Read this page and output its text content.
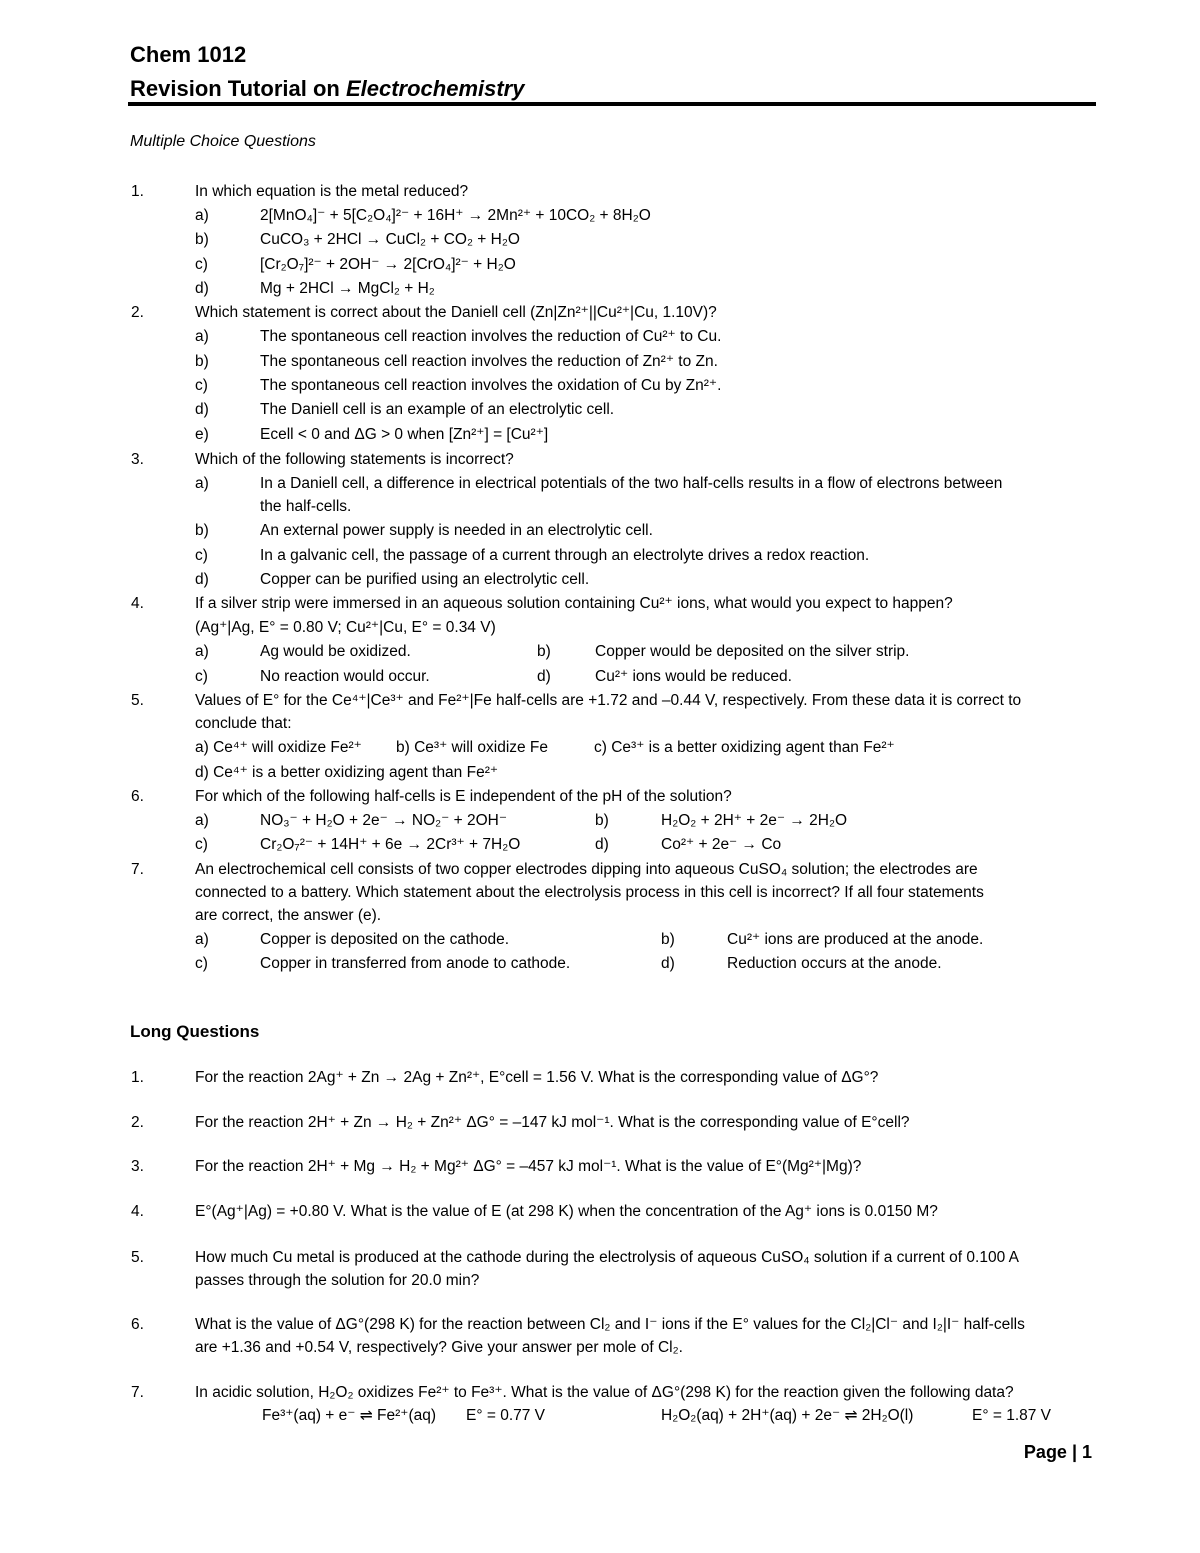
Chem 1012
Revision Tutorial on Electrochemistry
Multiple Choice Questions
1.	In which equation is the metal reduced?
a)	2[MnO₄]⁻ + 5[C₂O₄]²⁻ + 16H⁺ → 2Mn²⁺ + 10CO₂ + 8H₂O
b)	CuCO₃ + 2HCl → CuCl₂ + CO₂ + H₂O
c)	[Cr₂O₇]²⁻ + 2OH⁻ → 2[CrO₄]²⁻ + H₂O
d)	Mg + 2HCl → MgCl₂ + H₂
2.	Which statement is correct about the Daniell cell (Zn|Zn²⁺||Cu²⁺|Cu, 1.10V)?
a)	The spontaneous cell reaction involves the reduction of Cu²⁺ to Cu.
b)	The spontaneous cell reaction involves the reduction of Zn²⁺ to Zn.
c)	The spontaneous cell reaction involves the oxidation of Cu by Zn²⁺.
d)	The Daniell cell is an example of an electrolytic cell.
e)	Ecell < 0 and ΔG > 0 when [Zn²⁺] = [Cu²⁺]
3.	Which of the following statements is incorrect?
a)	In a Daniell cell, a difference in electrical potentials of the two half-cells results in a flow of electrons between
the half-cells.
b)	An external power supply is needed in an electrolytic cell.
c)	In a galvanic cell, the passage of a current through an electrolyte drives a redox reaction.
d)	Copper can be purified using an electrolytic cell.
4.	If a silver strip were immersed in an aqueous solution containing Cu²⁺ ions, what would you expect to happen?
(Ag⁺|Ag, E° = 0.80 V; Cu²⁺|Cu, E° = 0.34 V)
a)	Ag would be oxidized.	b)	Copper would be deposited on the silver strip.
c)	No reaction would occur.	d)	Cu²⁺ ions would be reduced.
5.	Values of E° for the Ce⁴⁺|Ce³⁺ and Fe²⁺|Fe half-cells are +1.72 and –0.44 V, respectively. From these data it is correct to
conclude that:
a) Ce⁴⁺ will oxidize Fe²⁺ b) Ce³⁺ will oxidize Fe	c) Ce³⁺ is a better oxidizing agent than Fe²⁺
d) Ce⁴⁺ is a better oxidizing agent than Fe²⁺
6.	For which of the following half-cells is E independent of the pH of the solution?
a)	NO₃⁻ + H₂O + 2e⁻ → NO₂⁻ + 2OH⁻	b)	H₂O₂ + 2H⁺ + 2e⁻ → 2H₂O
c)	Cr₂O₇²⁻ + 14H⁺ + 6e → 2Cr³⁺ + 7H₂O	d)	Co²⁺ + 2e⁻ → Co
7.	An electrochemical cell consists of two copper electrodes dipping into aqueous CuSO₄ solution; the electrodes are
connected to a battery. Which statement about the electrolysis process in this cell is incorrect? If all four statements
are correct, the answer (e).
a)	Copper is deposited on the cathode.	b)	Cu²⁺ ions are produced at the anode.
c)	Copper in transferred from anode to cathode.	d)	Reduction occurs at the anode.
Long Questions
1.	For the reaction 2Ag⁺ + Zn → 2Ag + Zn²⁺, E°cell = 1.56 V. What is the corresponding value of ΔG°?
2.	For the reaction 2H⁺ + Zn → H₂ + Zn²⁺ ΔG° = –147 kJ mol⁻¹. What is the corresponding value of E°cell?
3.	For the reaction 2H⁺ + Mg → H₂ + Mg²⁺ ΔG° = –457 kJ mol⁻¹. What is the value of E°(Mg²⁺|Mg)?
4.	E°(Ag⁺|Ag) = +0.80 V. What is the value of E (at 298 K) when the concentration of the Ag⁺ ions is 0.0150 M?
5.	How much Cu metal is produced at the cathode during the electrolysis of aqueous CuSO₄ solution if a current of 0.100 A
passes through the solution for 20.0 min?
6.	What is the value of ΔG°(298 K) for the reaction between Cl₂ and I⁻ ions if the E° values for the Cl₂|Cl⁻ and I₂|I⁻ half-cells
are +1.36 and +0.54 V, respectively? Give your answer per mole of Cl₂.
7.	In acidic solution, H₂O₂ oxidizes Fe²⁺ to Fe³⁺. What is the value of ΔG°(298 K) for the reaction given the following data?
Fe³⁺(aq) + e⁻ ⇌ Fe²⁺(aq) E° = 0.77 V	H₂O₂(aq) + 2H⁺(aq) + 2e⁻ ⇌ 2H₂O(l)	E° = 1.87 V
Page | 1
